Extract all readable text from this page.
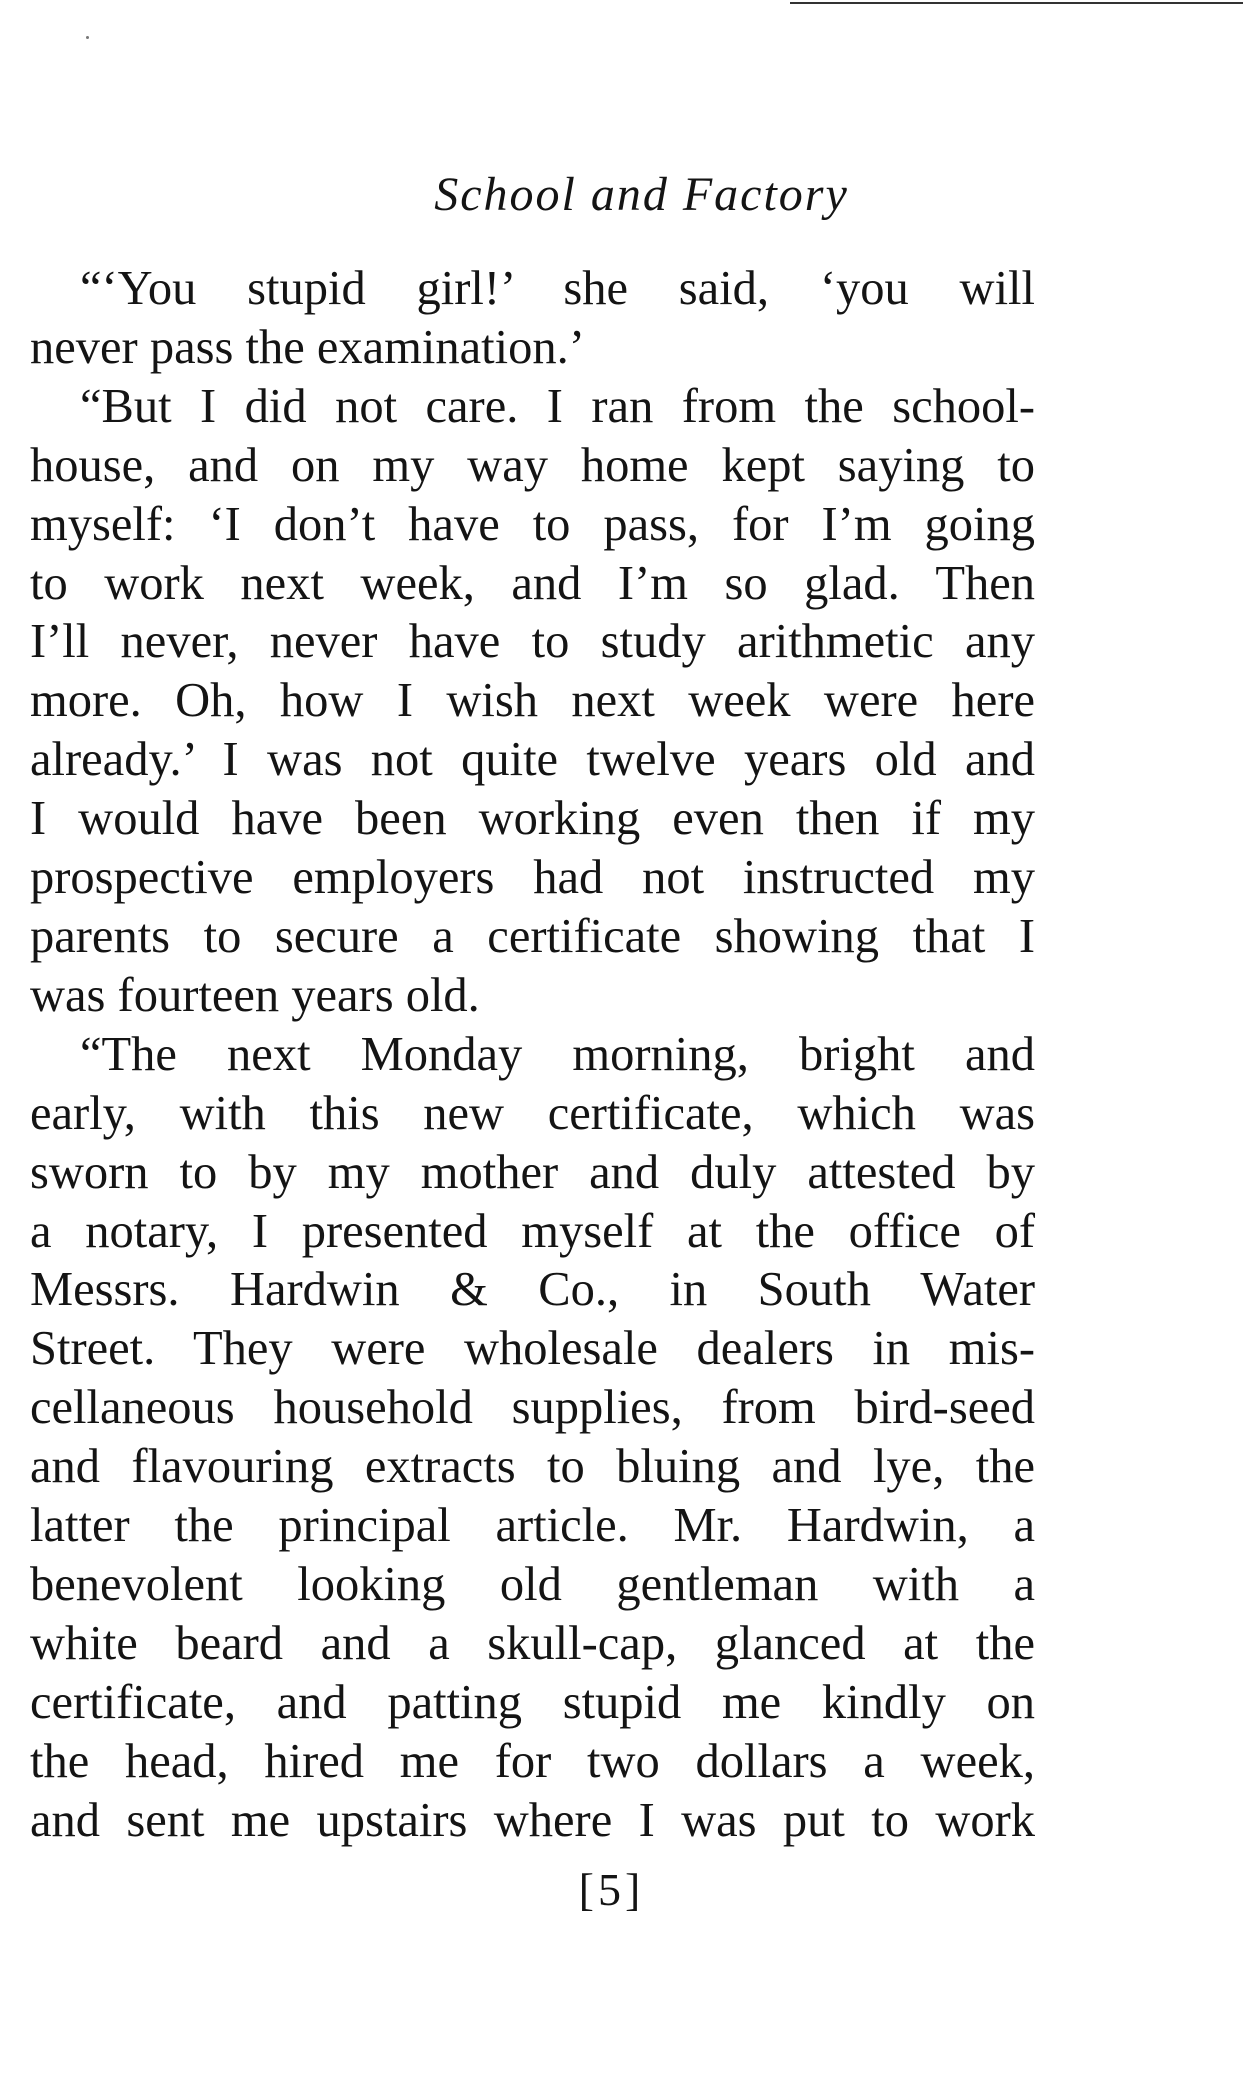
School and Factory
“‘You stupid girl!’ she said, ‘you will
never pass the examination.’
“But I did not care. I ran from the school-
house, and on my way home kept saying to
myself: ‘I don’t have to pass, for I’m going
to work next week, and I’m so glad. Then
I’ll never, never have to study arithmetic any
more. Oh, how I wish next week were here
already.’ I was not quite twelve years old and
I would have been working even then if my
prospective employers had not instructed my
parents to secure a certificate showing that I
was fourteen years old.
“The next Monday morning, bright and
early, with this new certificate, which was
sworn to by my mother and duly attested by
a notary, I presented myself at the office of
Messrs. Hardwin & Co., in South Water
Street. They were wholesale dealers in mis-
cellaneous household supplies, from bird-seed
and flavouring extracts to bluing and lye, the
latter the principal article. Mr. Hardwin, a
benevolent looking old gentleman with a
white beard and a skull-cap, glanced at the
certificate, and patting stupid me kindly on
the head, hired me for two dollars a week,
and sent me upstairs where I was put to work
[5]
